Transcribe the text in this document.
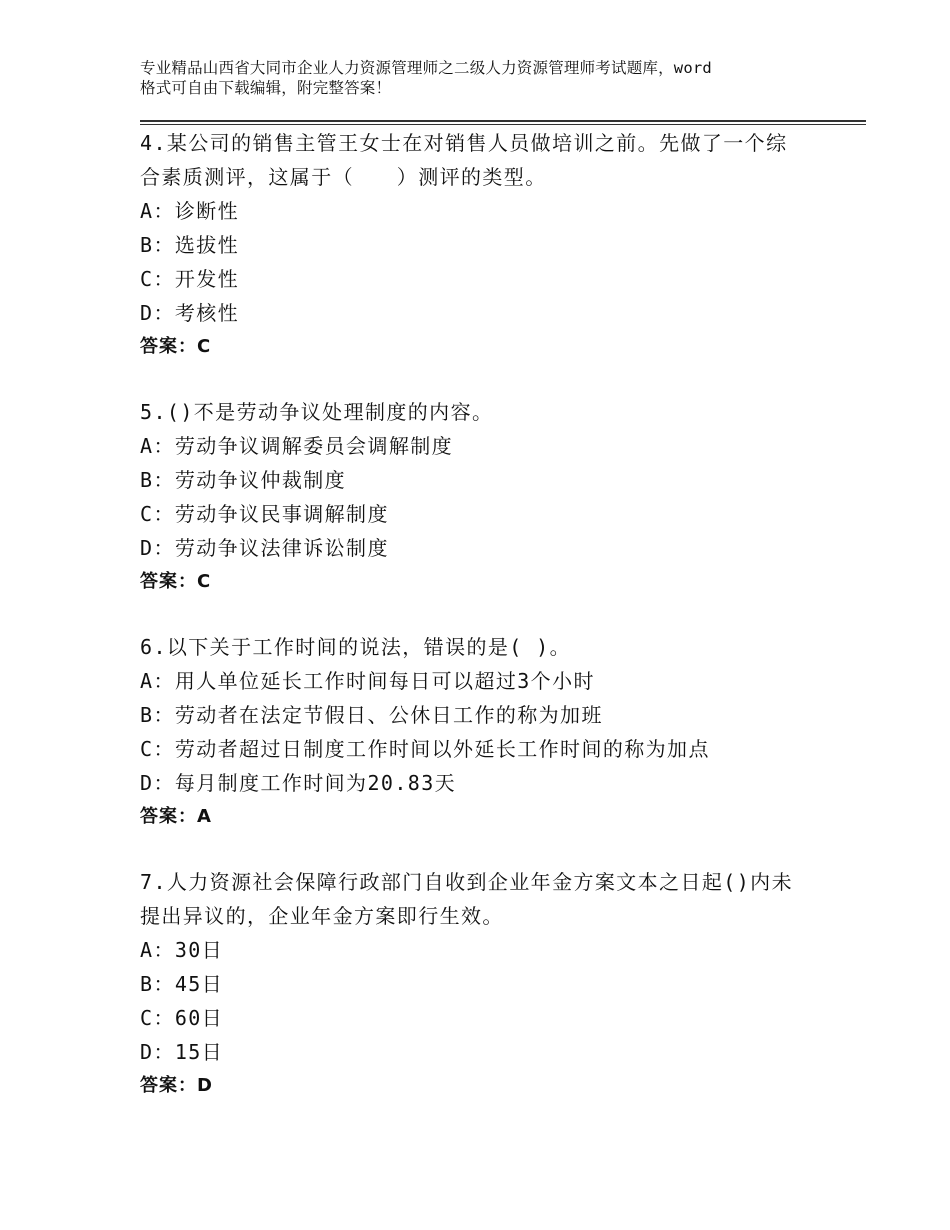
专业精品山西省大同市企业人力资源管理师之二级人力资源管理师考试题库，word
格式可自由下载编辑，附完整答案！
4.某公司的销售主管王女士在对销售人员做培训之前。先做了一个综
合素质测评，这属于（　　）测评的类型。
A：诊断性
B：选拔性
C：开发性
D：考核性
答案：C
5.()不是劳动争议处理制度的内容。
A：劳动争议调解委员会调解制度
B：劳动争议仲裁制度
C：劳动争议民事调解制度
D：劳动争议法律诉讼制度
答案：C
6.以下关于工作时间的说法，错误的是( )。
A：用人单位延长工作时间每日可以超过3个小时
B：劳动者在法定节假日、公休日工作的称为加班
C：劳动者超过日制度工作时间以外延长工作时间的称为加点
D：每月制度工作时间为20.83天
答案：A
7.人力资源社会保障行政部门自收到企业年金方案文本之日起()内未
提出异议的，企业年金方案即行生效。
A：30日
B：45日
C：60日
D：15日
答案：D
